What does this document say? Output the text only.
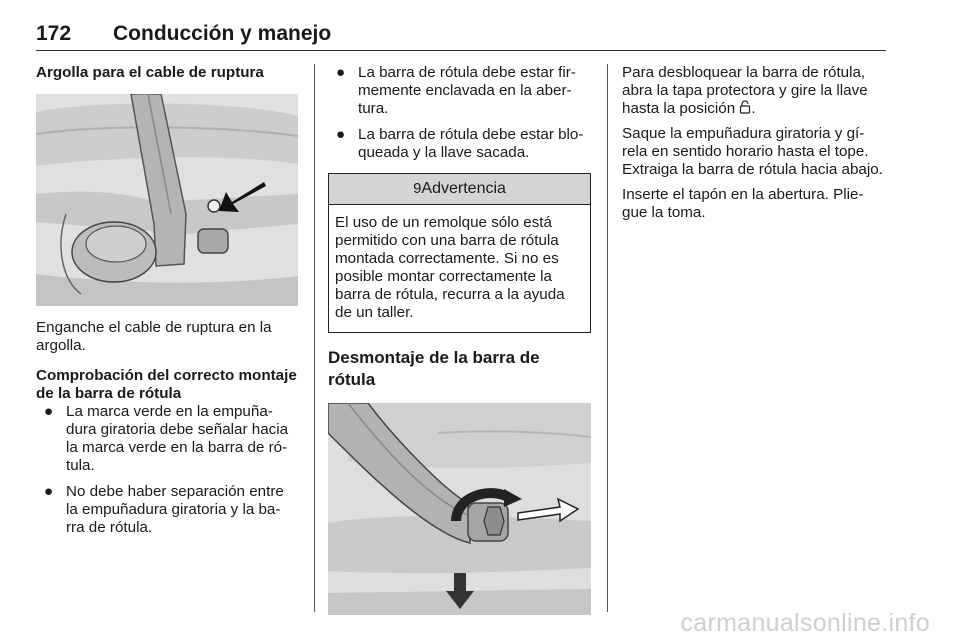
172 Conducción y manejo

Argolla para el cable de ruptura

Enganche el cable de ruptura en la argolla.

Comprobación del correcto montaje de la barra de rótula

● La marca verde en la empuña-dura giratoria debe señalar hacia la marca verde en la barra de ró-tula.
● No debe haber separación entre la empuñadura giratoria y la ba-rra de rótula.
● La barra de rótula debe estar fir-memente enclavada en la aber-tura.
● La barra de rótula debe estar blo-queada y la llave sacada.
9Advertencia
El uso de un remolque sólo está permitido con una barra de rótula montada correctamente. Si no es posible montar correctamente la barra de rótula, recurra a la ayuda de un taller.

Desmontaje de la barra de rótula

Para desbloquear la barra de rótula, abra la tapa protectora y gire la llave hasta la posición .

Saque la empuñadura giratoria y gí-rela en sentido horario hasta el tope. Extraiga la barra de rótula hacia abajo.

Inserte el tapón en la abertura. Plie-gue la toma.

carmanualsonline.info
